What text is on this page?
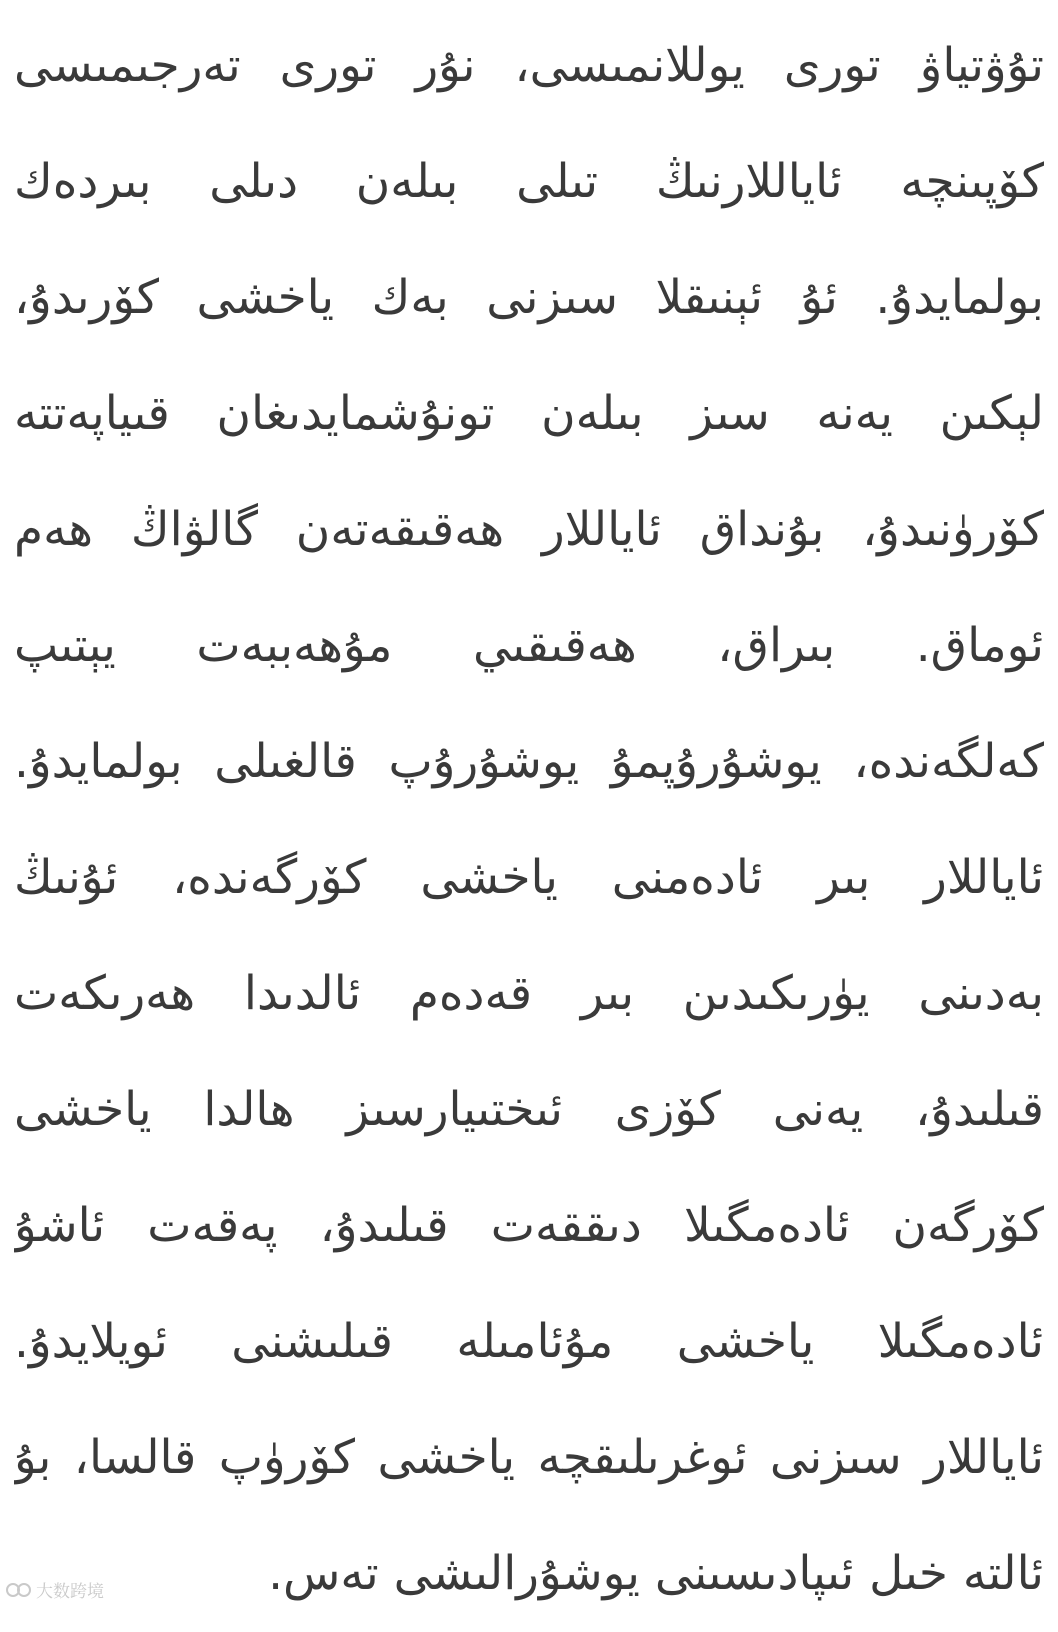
تۇۋتياۋ تورى يوللانمىسى، نۇر تورى تەرجىمىسى
كۆپىنچە ئاياللارنىڭ تىلى بىلەن دىلى بىردەك
بولمايدۇ. ئۇ ئېنىقلا سىزنى بەك ياخشى كۆرىدۇ،
لېكىن يەنە سىز بىلەن تونۇشمايدىغان قىياپەتتە
كۆرۈنىدۇ، بۇنداق ئاياللار ھەقىقەتەن گالۋاڭ ھەم
ئوماق. بىراق، ھەقىقىي مۇھەببەت يېتىپ
كەلگەندە، يوشۇرۇپمۇ يوشۇرۇپ قالغىلى بولمايدۇ.
ئاياللار بىر ئادەمنى ياخشى كۆرگەندە، ئۇنىڭ
بەدىنى يۈرىكىدىن بىر قەدەم ئالدىدا ھەرىكەت
قىلىدۇ، يەنى كۆزى ئىختىيارسىز ھالدا ياخشى
كۆرگەن ئادەمگىلا دىققەت قىلىدۇ، پەقەت ئاشۇ
ئادەمگىلا ياخشى مۇئامىلە قىلىشنى ئويلايدۇ.
ئاياللار سىزنى ئوغرىلىقچە ياخشى كۆرۈپ قالسا، بۇ
ئالتە خىل ئىپادىسىنى يوشۇرالىشى تەس.
大数跨境
